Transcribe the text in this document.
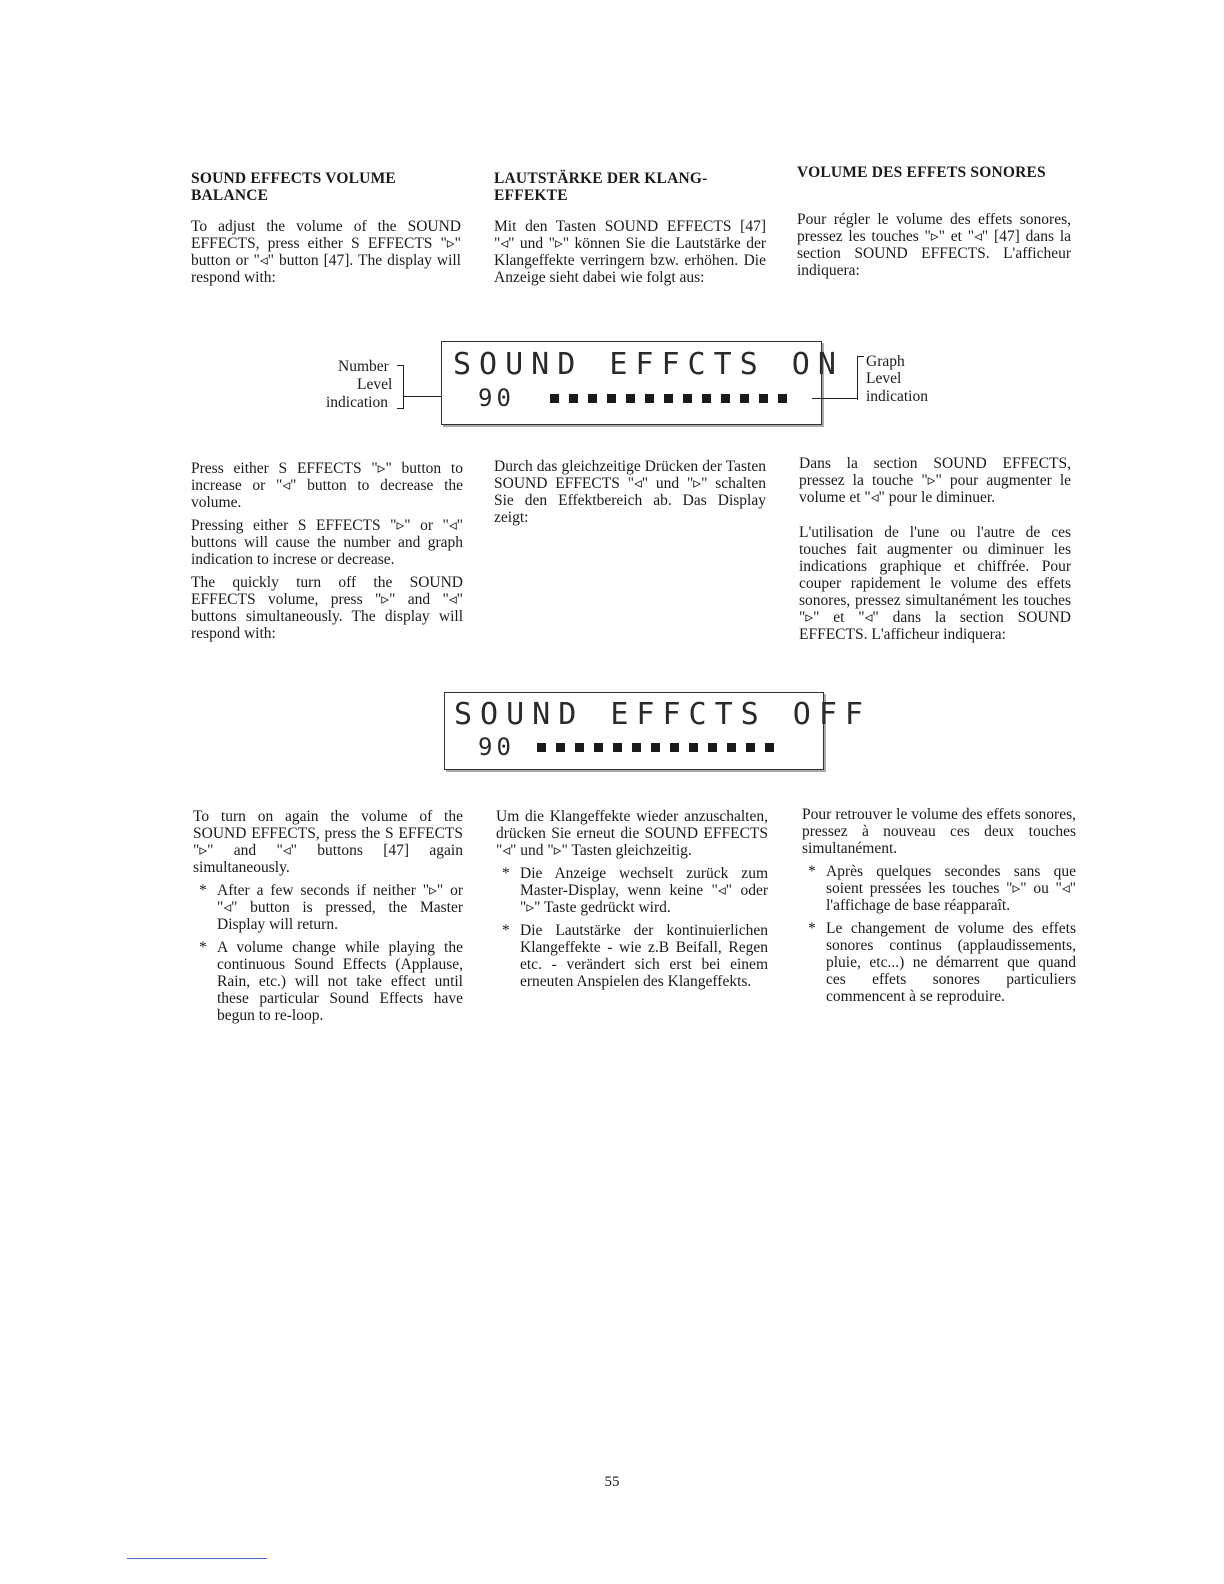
SOUND EFFECTS VOLUME BALANCE

To adjust the volume of the SOUND EFFECTS, press either S EFFECTS "▹" button or "◃" button [47]. The display will respond with:

LAUTSTÄRKE DER KLANG-EFFEKTE

Mit den Tasten SOUND EFFECTS [47] "◃" und "▹" können Sie die Lautstärke der Klangeffekte verringern bzw. erhöhen. Die Anzeige sieht dabei wie folgt aus:

VOLUME DES EFFETS SONORES

Pour régler le volume des effets sonores, pressez les touches "▹" et "◃" [47] dans la section SOUND EFFECTS. L'afficheur indiquera:

Number
Level
indication
SOUND EFFCTS ON
90
Graph
Level
indication

Press either S EFFECTS "▹" button to increase or "◃" button to decrease the volume.

Pressing either S EFFECTS "▹" or "◃" buttons will cause the number and graph indication to increse or decrease.

The quickly turn off the SOUND EFFECTS volume, press "▹" and "◃" buttons simultaneously. The display will respond with:

Durch das gleichzeitige Drücken der Tasten SOUND EFFECTS "◃" und "▹" schalten Sie den Effektbereich ab. Das Display zeigt:

Dans la section SOUND EFFECTS, pressez la touche "▹" pour augmenter le volume et "◃" pour le diminuer.

L'utilisation de l'une ou l'autre de ces touches fait augmenter ou diminuer les indications graphique et chiffrée. Pour couper rapidement le volume des effets sonores, pressez simultanément les touches "▹" et "◃" dans la section SOUND EFFECTS. L'afficheur indiquera:

SOUND EFFCTS OFF
90

To turn on again the volume of the SOUND EFFECTS, press the S EFFECTS "▹" and "◃" buttons [47] again simultaneously.

* After a few seconds if neither "▹" or "◃" button is pressed, the Master Display will return.
* A volume change while playing the continuous Sound Effects (Applause, Rain, etc.) will not take effect until these particular Sound Effects have begun to re-loop.

Um die Klangeffekte wieder anzuschalten, drücken Sie erneut die SOUND EFFECTS "◃" und "▹" Tasten gleichzeitig.

* Die Anzeige wechselt zurück zum Master-Display, wenn keine "◃" oder "▹" Taste gedrückt wird.
* Die Lautstärke der kontinuierlichen Klangeffekte - wie z.B Beifall, Regen etc. - verändert sich erst bei einem erneuten Anspielen des Klangeffekts.

Pour retrouver le volume des effets sonores, pressez à nouveau ces deux touches simultanément.

* Après quelques secondes sans que soient pressées les touches "▹" ou "◃" l'affichage de base réapparaît.
* Le changement de volume des effets sonores continus (applaudissements, pluie, etc...) ne démarrent que quand ces effets sonores particuliers commencent à se reproduire.
55
